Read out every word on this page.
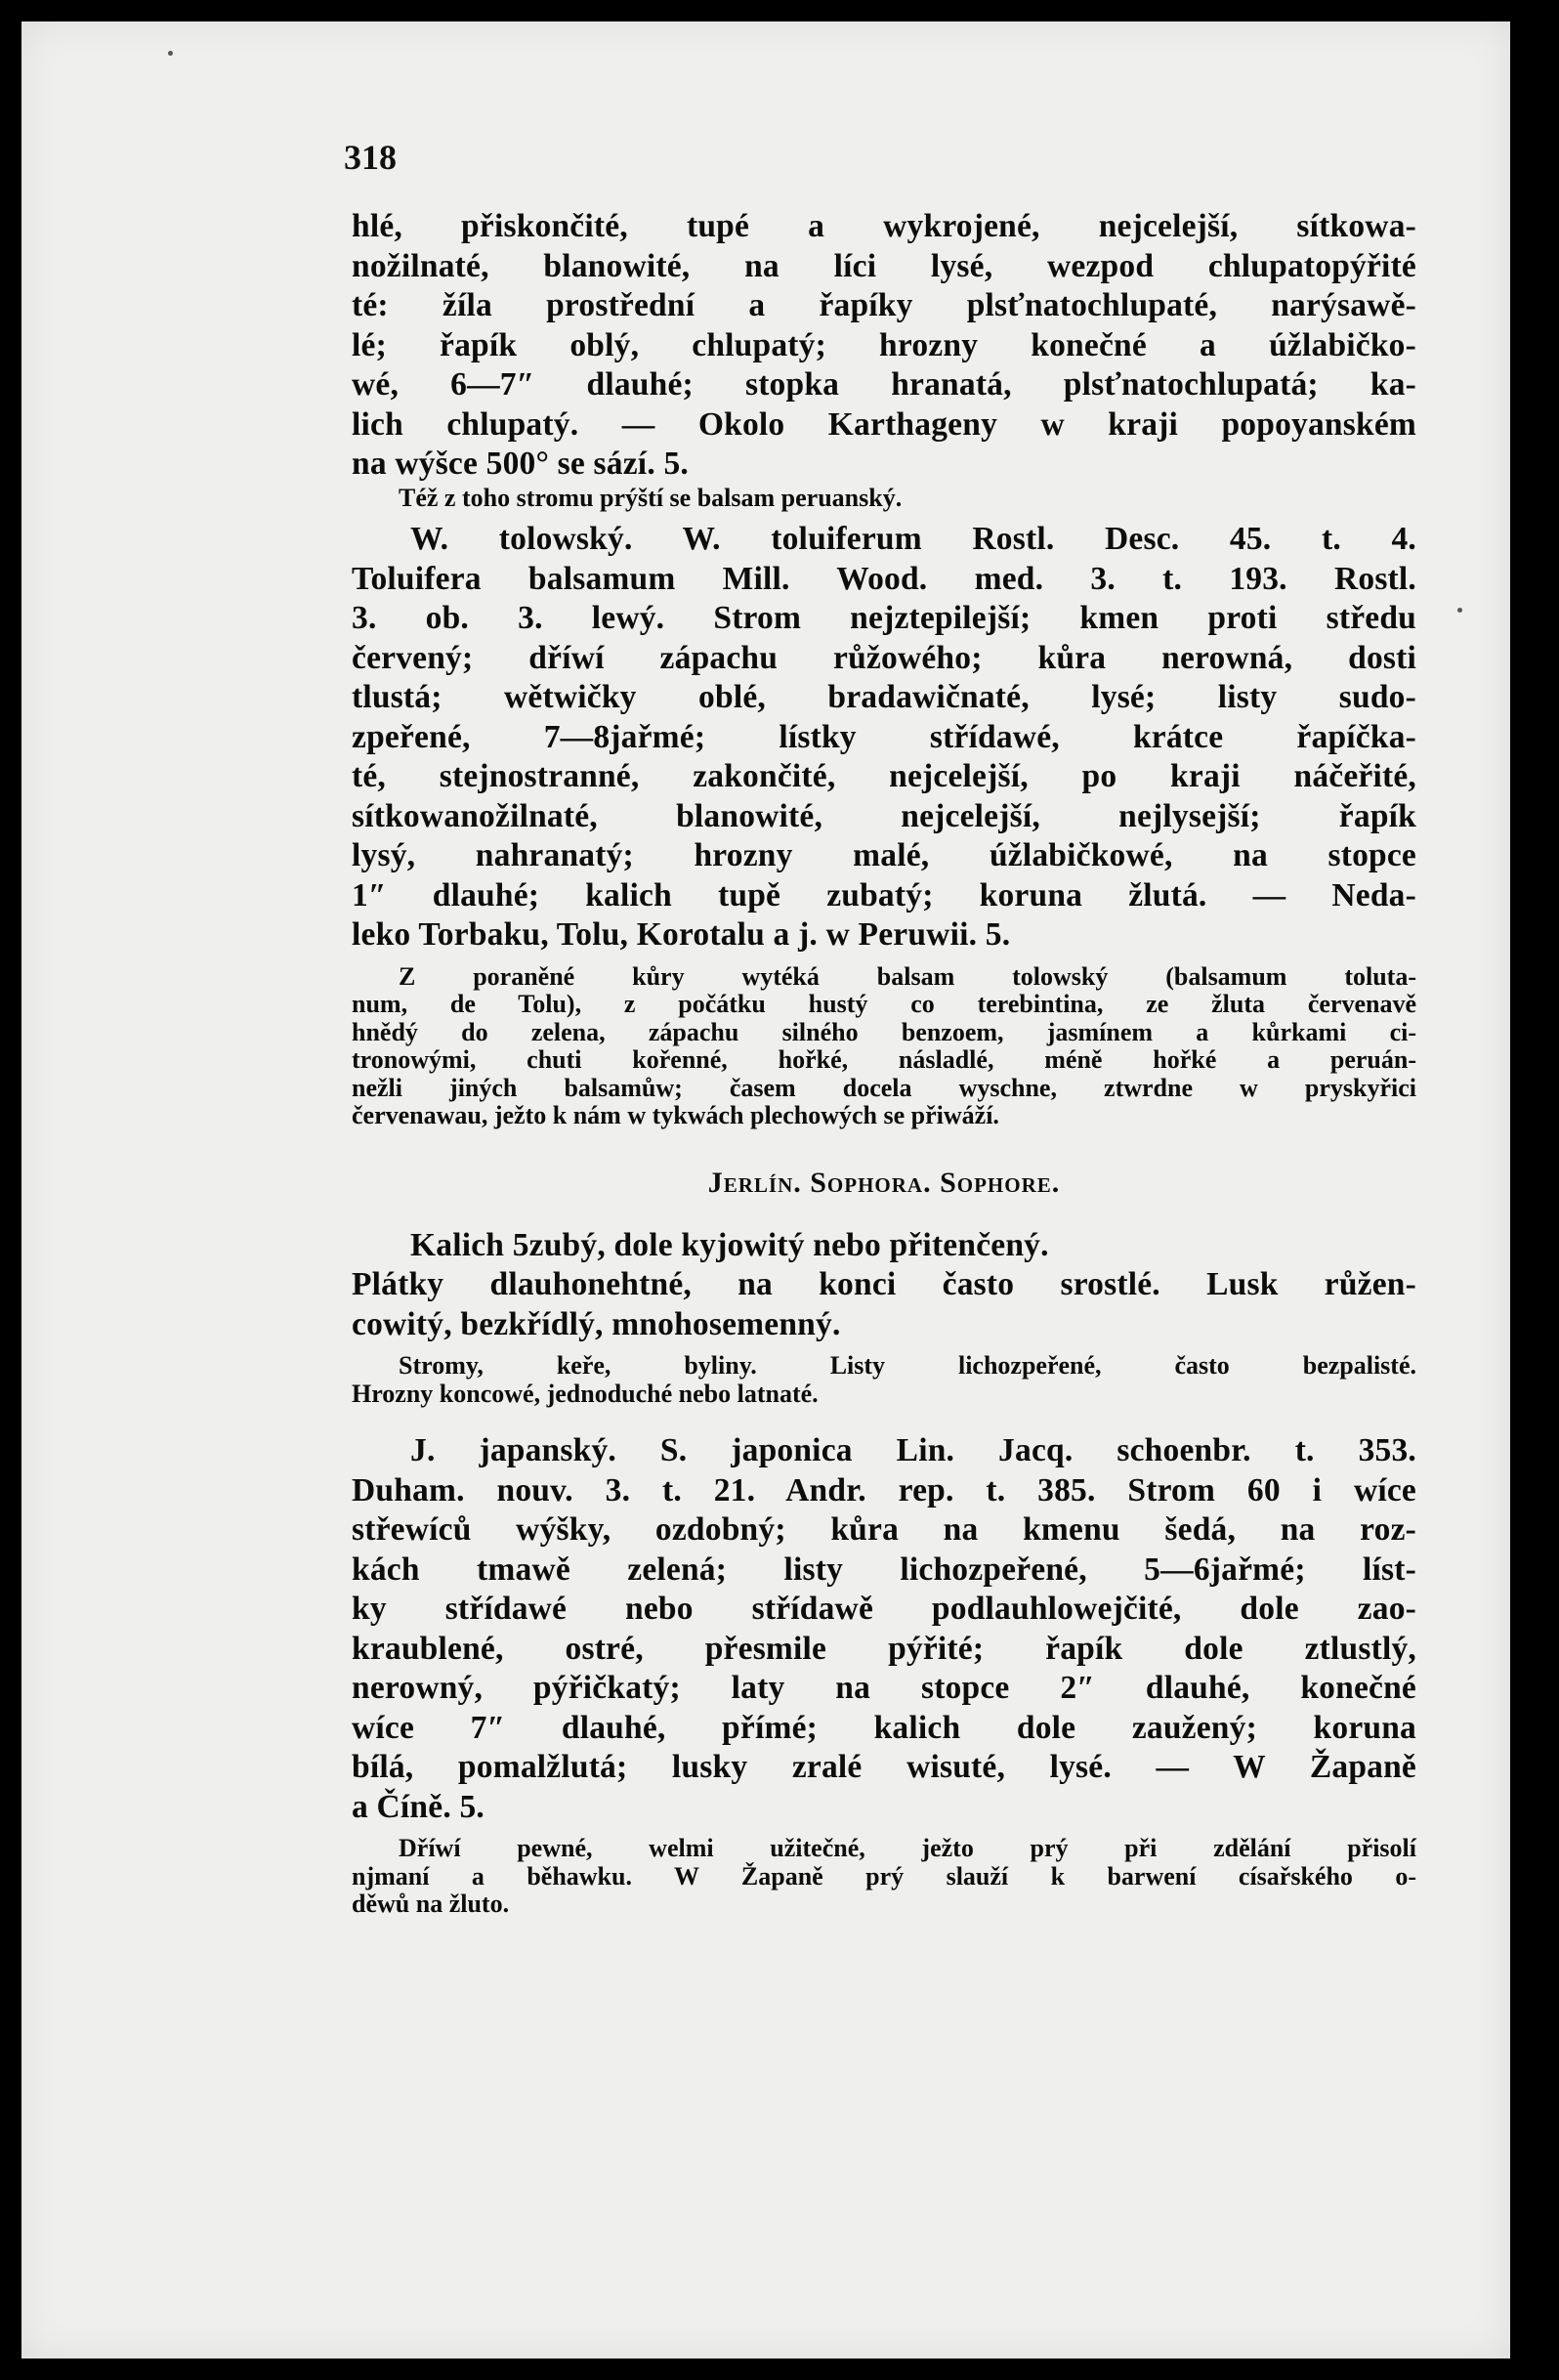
318
hlé, přiskončité, tupé a wykrojené, nejcelejší, sítkowa-
nožilnaté, blanowité, na líci lysé, wezpod chlupatopýřité
té: žíla prostřední a řapíky plsťnatochlupaté, narýsawě-
lé; řapík oblý, chlupatý; hrozny konečné a úžlabičko-
wé, 6—7″ dlauhé; stopka hranatá, plsťnatochlupatá; ka-
lich chlupatý. — Okolo Karthageny w kraji popoyanském
na wýšce 500° se sází. 5.
Též z toho stromu prýští se balsam peruanský.
W. tolowský. W. toluiferum Rostl. Desc. 45. t. 4.
Toluifera balsamum Mill. Wood. med. 3. t. 193. Rostl.
3. ob. 3. lewý. Strom nejztepilejší; kmen proti středu
červený; dříwí zápachu růžowého; kůra nerowná, dosti
tlustá; wětwičky oblé, bradawičnaté, lysé; listy sudo-
zpeřené, 7—8jařmé; lístky střídawé, krátce řapíčka-
té, stejnostranné, zakončité, nejcelejší, po kraji náčeřité,
sítkowanožilnaté, blanowité, nejcelejší, nejlysejší; řapík
lysý, nahranatý; hrozny malé, úžlabičkowé, na stopce
1″ dlauhé; kalich tupě zubatý; koruna žlutá. — Neda-
leko Torbaku, Tolu, Korotalu a j. w Peruwii. 5.
Z poraněné kůry wytéká balsam tolowský (balsamum toluta-
num, de Tolu), z počátku hustý co terebintina, ze žluta červenavě
hnědý do zelena, zápachu silného benzoem, jasmínem a kůrkami ci-
tronowými, chuti kořenné, hořké, násladlé, méně hořké a peruán-
nežli jiných balsamůw; časem docela wyschne, ztwrdne w pryskyřici
červenawau, ježto k nám w tykwách plechowých se přiwáží.
Jerlín. Sophora. Sophore.
Kalich 5zubý, dole kyjowitý nebo přitenčený.
Plátky dlauhonehtné, na konci často srostlé. Lusk růžen-
cowitý, bezkřídlý, mnohosemenný.
Stromy, keře, byliny. Listy lichozpeřené, často bezpalisté.
Hrozny koncowé, jednoduché nebo latnaté.
J. japanský. S. japonica Lin. Jacq. schoenbr. t. 353.
Duham. nouv. 3. t. 21. Andr. rep. t. 385. Strom 60 i wíce
střewíců wýšky, ozdobný; kůra na kmenu šedá, na roz-
kách tmawě zelená; listy lichozpeřené, 5—6jařmé; líst-
ky střídawé nebo střídawě podlauhlowejčité, dole zao-
kraublené, ostré, přesmile pýřité; řapík dole ztlustlý,
nerowný, pýřičkatý; laty na stopce 2″ dlauhé, konečné
wíce 7″ dlauhé, přímé; kalich dole zaužený; koruna
bílá, pomalžlutá; lusky zralé wisuté, lysé. — W Žapaně
a Číně. 5.
Dříwí pewné, welmi užitečné, ježto prý při zdělání přisolí
njmaní a běhawku. W Žapaně prý slauží k barwení císařského o-
děwů na žluto.
